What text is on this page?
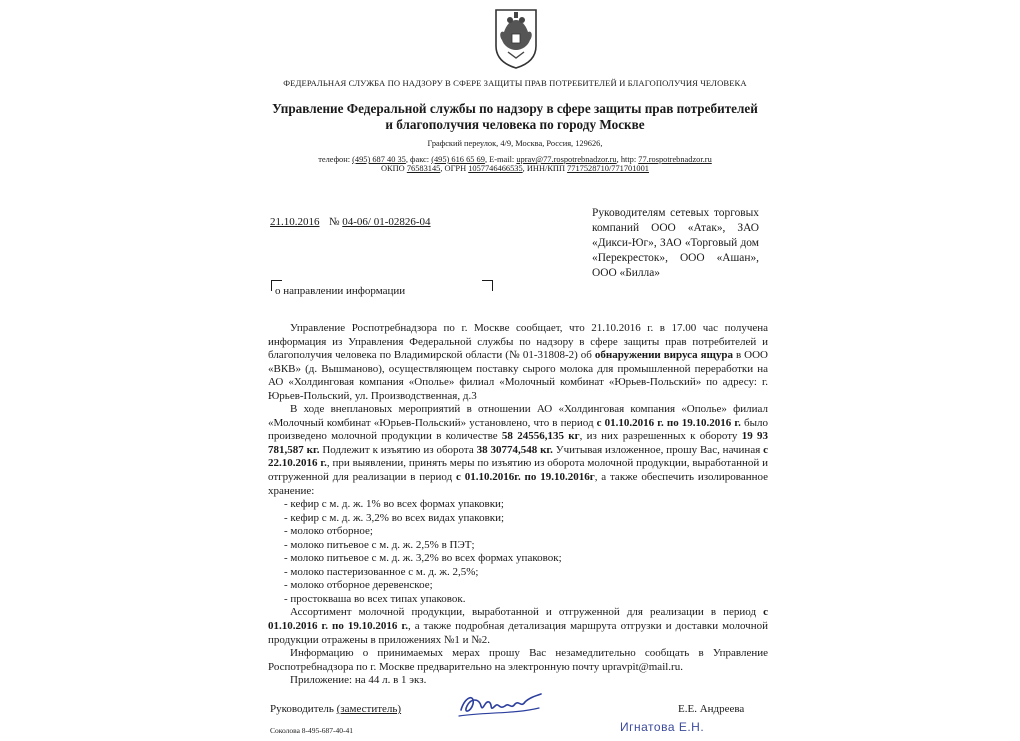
ФЕДЕРАЛЬНАЯ СЛУЖБА ПО НАДЗОРУ В СФЕРЕ ЗАЩИТЫ ПРАВ ПОТРЕБИТЕЛЕЙ И БЛАГОПОЛУЧИЯ ЧЕЛОВЕКА
Управление Федеральной службы по надзору в сфере защиты прав потребителей и благополучия человека по городу Москве
Графский переулок, 4/9, Москва, Россия, 129626,
телефон: (495) 687 40 35, факс: (495) 616 65 69, E-mail: uprav@77.rospotrebnadzor.ru, http: 77.rospotrebnadzor.ru
ОКПО 76583145, ОГРН 1057746466535, ИНН/КПП 7717528710/771701001
21.10.2016 № 04-06/ 01-02826-04
Руководителям сетевых торговых компаний ООО «Атак», ЗАО «Дикси-Юг», ЗАО «Торговый дом «Перекресток», ООО «Ашан», ООО «Билла»
о направлении информации

Управление Роспотребнадзора по г. Москве сообщает, что 21.10.2016 г. в 17.00 час получена информация из Управления Федеральной службы по надзору в сфере защиты прав потребителей и благополучия человека по Владимирской области (№ 01-31808-2) об обнаружении вируса ящура в ООО «ВКВ» (д. Вышманово), осуществляющем поставку сырого молока для промышленной переработки на АО «Холдинговая компания «Ополье» филиал «Молочный комбинат «Юрьев-Польский» по адресу: г. Юрьев-Польский, ул. Производственная, д.3

В ходе внеплановых мероприятий в отношении АО «Холдинговая компания «Ополье» филиал «Молочный комбинат «Юрьев-Польский» установлено, что в период с 01.10.2016 г. по 19.10.2016 г. было произведено молочной продукции в количестве 58 24556,135 кг, из них разрешенных к обороту 19 93 781,587 кг. Подлежит к изъятию из оборота 38 30774,548 кг. Учитывая изложенное, прошу Вас, начиная с 22.10.2016 г., при выявлении, принять меры по изъятию из оборота молочной продукции, выработанной и отгруженной для реализации в период с 01.10.2016г. по 19.10.2016г, а также обеспечить изолированное хранение:

- кефир с м. д. ж. 1% во всех формах упаковки;

- кефир с м. д. ж. 3,2% во всех видах упаковки;

- молоко отборное;

- молоко питьевое с м. д. ж. 2,5% в ПЭТ;

- молоко питьевое с м. д. ж. 3,2% во всех формах упаковок;

- молоко пастеризованное с м. д. ж. 2,5%;

- молоко отборное деревенское;

- простокваша во всех типах упаковок.

Ассортимент молочной продукции, выработанной и отгруженной для реализации в период с 01.10.2016 г. по 19.10.2016 г., а также подробная детализация маршрута отгрузки и доставки молочной продукции отражены в приложениях №1 и №2.

Информацию о принимаемых мерах прошу Вас незамедлительно сообщать в Управление Роспотребнадзора по г. Москве предварительно на электронную почту upravpit@mail.ru.

Приложение: на 44 л. в 1 экз.

Руководитель (заместитель)	Е.Е. Андреева
Игнатова Е.Н.
Соколова 8-495-687-40-41
